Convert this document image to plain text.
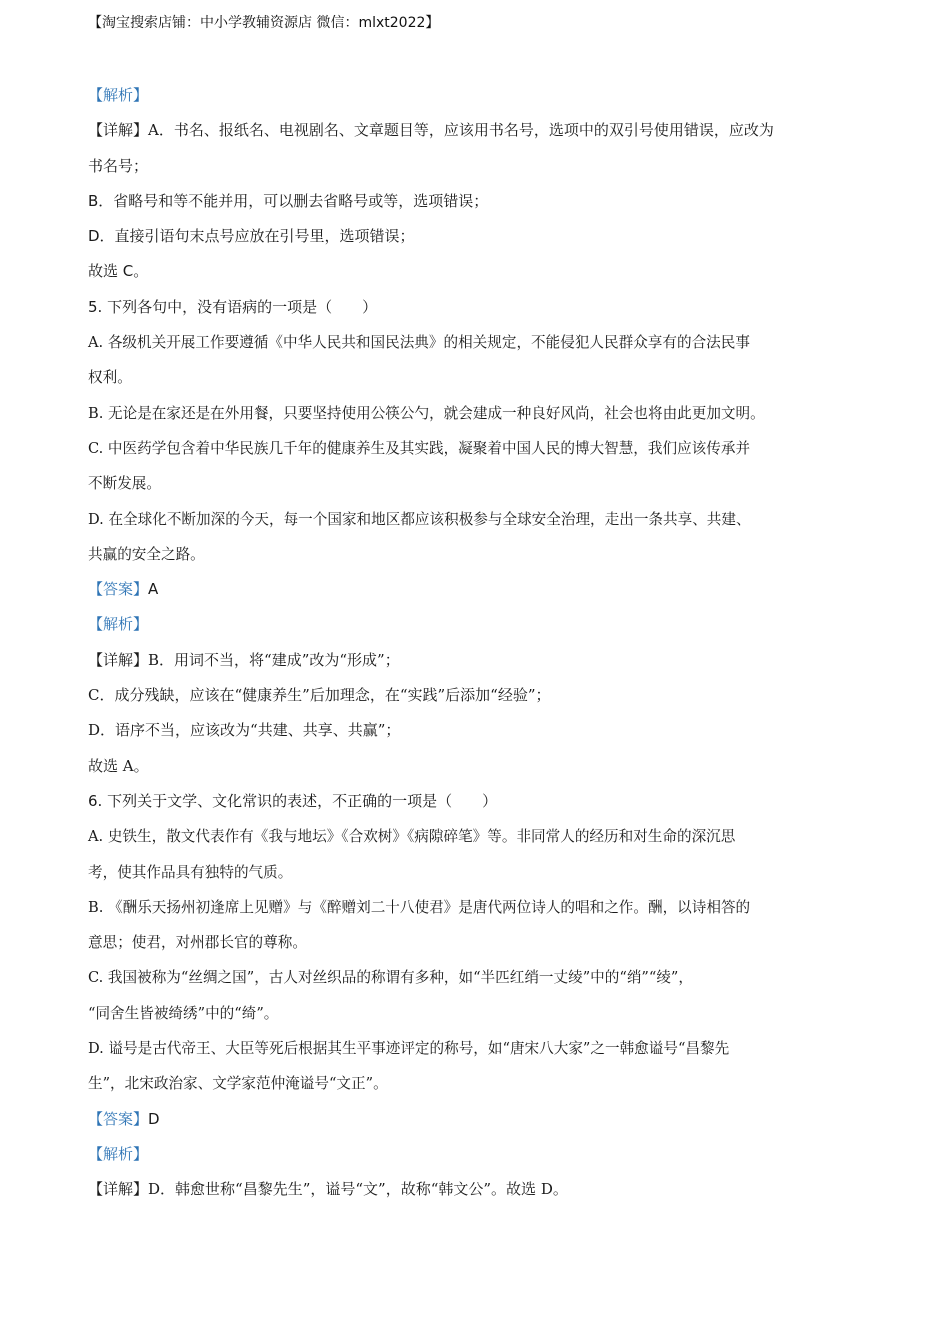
【淘宝搜索店铺：中小学教辅资源店 微信：mlxt2022】
【解析】
【详解】A．书名、报纸名、电视剧名、文章题目等，应该用书名号，选项中的双引号使用错误，应改为
书名号；
B．省略号和等不能并用，可以删去省略号或等，选项错误；
D．直接引语句末点号应放在引号里，选项错误；
故选 C。
5. 下列各句中，没有语病的一项是（　　）
A. 各级机关开展工作要遵循《中华人民共和国民法典》的相关规定，不能侵犯人民群众享有的合法民事
权利。
B. 无论是在家还是在外用餐，只要坚持使用公筷公勺，就会建成一种良好风尚，社会也将由此更加文明。
C. 中医药学包含着中华民族几千年的健康养生及其实践，凝聚着中国人民的博大智慧，我们应该传承并
不断发展。
D. 在全球化不断加深的今天，每一个国家和地区都应该积极参与全球安全治理，走出一条共享、共建、
共赢的安全之路。
【答案】A
【解析】
【详解】B．用词不当，将“建成”改为“形成”；
C．成分残缺，应该在“健康养生”后加理念，在“实践”后添加“经验”；
D．语序不当，应该改为“共建、共享、共赢”；
故选 A。
6. 下列关于文学、文化常识的表述，不正确的一项是（　　）
A. 史铁生，散文代表作有《我与地坛》《合欢树》《病隙碎笔》等。非同常人的经历和对生命的深沉思
考，使其作品具有独特的气质。
B. 《酬乐天扬州初逢席上见赠》与《醉赠刘二十八使君》是唐代两位诗人的唱和之作。酬，以诗相答的
意思；使君，对州郡长官的尊称。
C. 我国被称为“丝绸之国”，古人对丝织品的称谓有多种，如“半匹红绡一丈绫”中的“绡”“绫”，
“同舍生皆被绮绣”中的“绮”。
D. 谥号是古代帝王、大臣等死后根据其生平事迹评定的称号，如“唐宋八大家”之一韩愈谥号“昌黎先
生”，北宋政治家、文学家范仲淹谥号“文正”。
【答案】D
【解析】
【详解】D．韩愈世称“昌黎先生”，谥号“文”，故称“韩文公”。故选 D。
